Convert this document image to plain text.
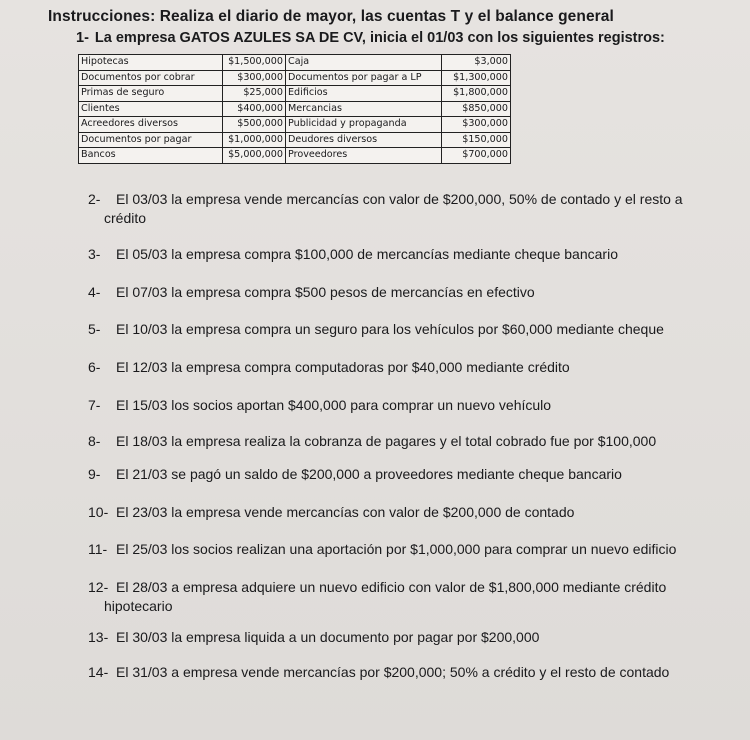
Instrucciones: Realiza el diario de mayor, las cuentas T y el balance general
1- La empresa GATOS AZULES SA DE CV, inicia el 01/03 con los siguientes registros:
Hipotecas	$1,500,000	Caja	$3,000
Documentos por cobrar	$300,000	Documentos por pagar a LP	$1,300,000
Primas de seguro	$25,000	Edificios	$1,800,000
Clientes	$400,000	Mercancias	$850,000
Acreedores diversos	$500,000	Publicidad y propaganda	$300,000
Documentos por pagar	$1,000,000	Deudores diversos	$150,000
Bancos	$5,000,000	Proveedores	$700,000
2- El 03/03 la empresa vende mercancías con valor de $200,000, 50% de contado y el resto a
crédito
3- El 05/03 la empresa compra $100,000 de mercancías mediante cheque bancario
4- El 07/03 la empresa compra $500 pesos de mercancías en efectivo
5- El 10/03 la empresa compra un seguro para los vehículos por $60,000 mediante cheque
6- El 12/03 la empresa compra computadoras por $40,000 mediante crédito
7- El 15/03 los socios aportan $400,000 para comprar un nuevo vehículo
8- El 18/03 la empresa realiza la cobranza de pagares y el total cobrado fue por $100,000
9- El 21/03 se pagó un saldo de $200,000 a proveedores mediante cheque bancario
10- El 23/03 la empresa vende mercancías con valor de $200,000 de contado
11- El 25/03 los socios realizan una aportación por $1,000,000 para comprar un nuevo edificio
12- El 28/03 a empresa adquiere un nuevo edificio con valor de $1,800,000 mediante crédito
hipotecario
13- El 30/03 la empresa liquida a un documento por pagar por $200,000
14- El 31/03 a empresa vende mercancías por $200,000; 50% a crédito y el resto de contado
